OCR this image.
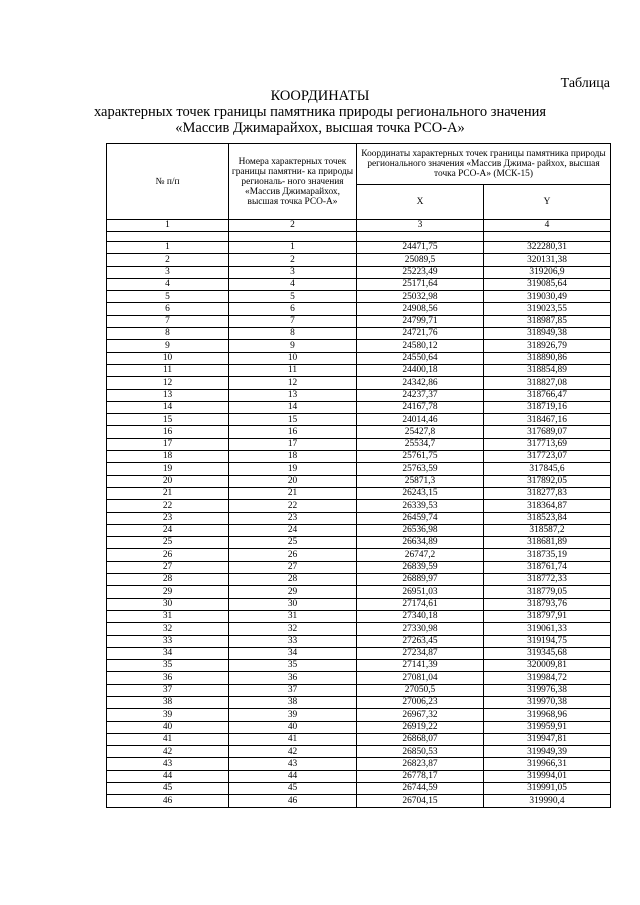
Таблица
КООРДИНАТЫ
характерных точек границы памятника природы регионального значения
«Массив Джимарайхох, высшая точка РСО-А»
№ п/п	Номера характерных точек границы памятни- ка природы региональ- ного значения «Массив Джимарайхох, высшая точка РСО-А»	Координаты характерных точек границы памятника природы регионального значения «Массив Джима- райхох, высшая точка РСО-А» (МСК-15)	
		X	Y
1	2	3	4

1	1	24471,75	322280,31
2	2	25089,5	320131,38
3	3	25223,49	319206,9
4	4	25171,64	319085,64
5	5	25032,98	319030,49
6	6	24908,56	319023,55
7	7	24799,71	318987,85
8	8	24721,76	318949,38
9	9	24580,12	318926,79
10	10	24550,64	318890,86
11	11	24400,18	318854,89
12	12	24342,86	318827,08
13	13	24237,37	318766,47
14	14	24167,78	318719,16
15	15	24014,46	318467,16
16	16	25427,8	317689,07
17	17	25534,7	317713,69
18	18	25761,75	317723,07
19	19	25763,59	317845,6
20	20	25871,3	317892,05
21	21	26243,15	318277,83
22	22	26339,53	318364,87
23	23	26459,74	318523,84
24	24	26536,98	318587,2
25	25	26634,89	318681,89
26	26	26747,2	318735,19
27	27	26839,59	318761,74
28	28	26889,97	318772,33
29	29	26951,03	318779,05
30	30	27174,61	318793,76
31	31	27340,18	318797,91
32	32	27330,98	319061,33
33	33	27263,45	319194,75
34	34	27234,87	319345,68
35	35	27141,39	320009,81
36	36	27081,04	319984,72
37	37	27050,5	319976,38
38	38	27006,23	319970,38
39	39	26967,32	319968,96
40	40	26919,22	319959,91
41	41	26868,07	319947,81
42	42	26850,53	319949,39
43	43	26823,87	319966,31
44	44	26778,17	319994,01
45	45	26744,59	319991,05
46	46	26704,15	319990,4
